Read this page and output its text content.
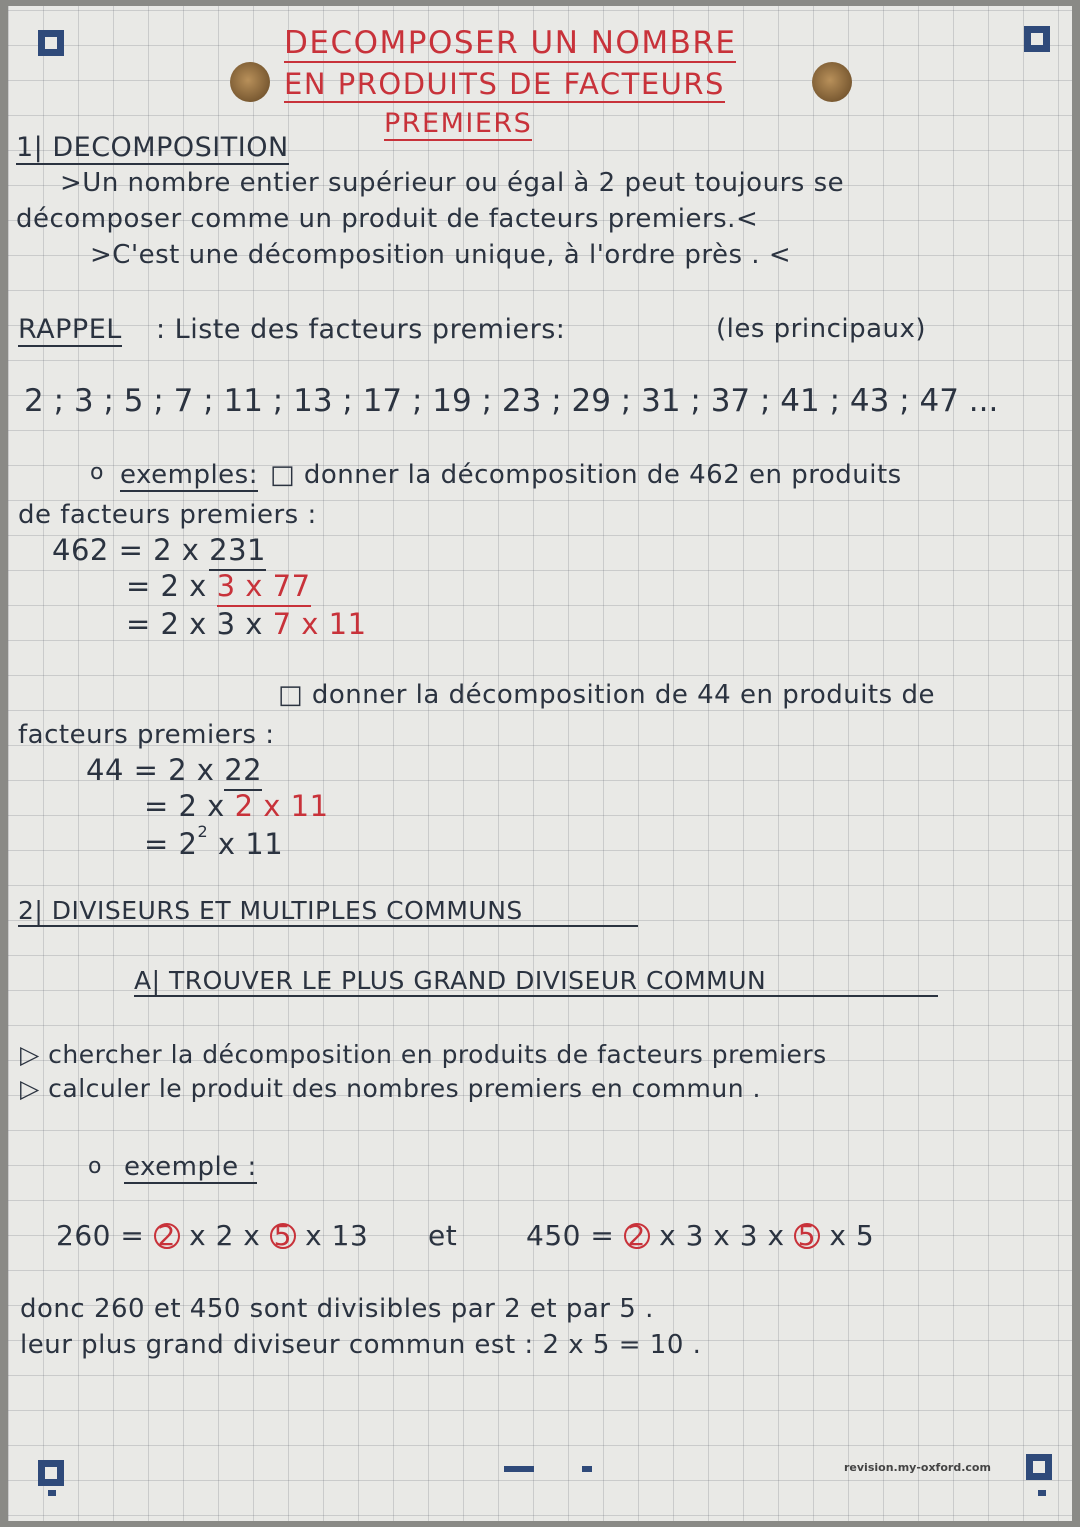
DECOMPOSER UN NOMBRE
EN PRODUITS DE FACTEURS
PREMIERS
1| DECOMPOSITION
>Un nombre entier supérieur ou égal à 2 peut toujours se
décomposer comme un produit de facteurs premiers.<
>C'est une décomposition unique, à l'ordre près . <
RAPPEL : Liste des facteurs premiers:	(les principaux)
2 ; 3 ; 5 ; 7 ; 11 ; 13 ; 17 ; 19 ; 23 ; 29 ; 31 ; 37 ; 41 ; 43 ; 47 ...
o exemples: □ donner la décomposition de 462 en produits
de facteurs premiers :
462 = 2 x 231
= 2 x 3 x 77
= 2 x 3 x 7 x 11
□ donner la décomposition de 44 en produits de
facteurs premiers :
44 = 2 x 22
= 2 x 2 x 11
= $2^2$ x 11
2| DIVISEURS ET MULTIPLES COMMUNS
A| TROUVER LE PLUS GRAND DIVISEUR COMMUN
▷ chercher la décomposition en produits de facteurs premiers
▷ calculer le produit des nombres premiers en commun .
o exemple :
260 = 2 x 2 x 5 x 13 et 450 = 2 x 3 x 3 x 5 x 5
donc 260 et 450 sont divisibles par 2 et par 5 .
leur plus grand diviseur commun est : 2 x 5 = 10 .
revision.my-oxford.com
